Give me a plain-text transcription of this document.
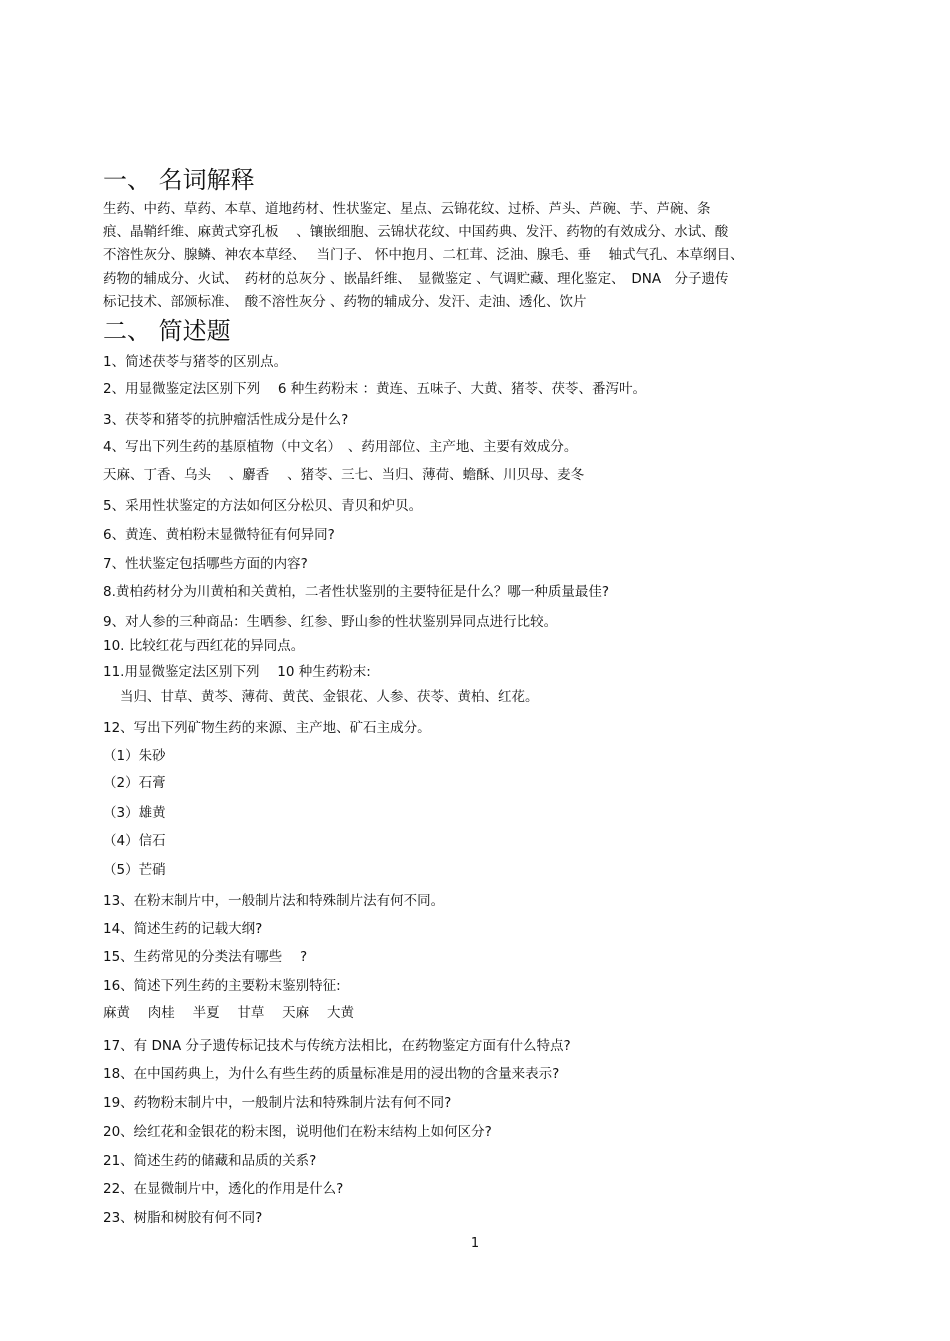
一、 名词解释
生药、中药、草药、本草、道地药材、性状鉴定、星点、云锦花纹、过桥、芦头、芦碗、芋、芦碗、条
痕、晶鞘纤维、麻黄式穿孔板　 、镶嵌细胞、云锦状花纹、中国药典、发汗、药物的有效成分、水试、酸
不溶性灰分、腺鳞、神农本草经、　 当门子、 怀中抱月、二杠茸、泛油、腺毛、垂　 轴式气孔、本草纲目、
药物的辅成分、火试、　药材的总灰分 、嵌晶纤维、　显微鉴定 、气调贮藏、理化鉴定、　DNA　分子遗传
标记技术、部颁标准、　酸不溶性灰分 、药物的辅成分、发汗、走油、透化、饮片
二、 简述题
1、简述茯苓与猪苓的区别点。
2、用显微鉴定法区别下列　 6 种生药粉末 ：黄连、五味子、大黄、猪苓、茯苓、番泻叶。
3、茯苓和猪苓的抗肿瘤活性成分是什么?
4、写出下列生药的基原植物（中文名）　、药用部位、主产地、主要有效成分。
天麻、丁香、乌头　 、麝香　 、猪苓、三七、当归、薄荷、蟾酥、川贝母、麦冬
5、采用性状鉴定的方法如何区分松贝、青贝和炉贝。
6、黄连、黄柏粉末显微特征有何异同?
7、性状鉴定包括哪些方面的内容?
8.黄柏药材分为川黄柏和关黄柏，二者性状鉴别的主要特征是什么？哪一种质量最佳?
9、对人参的三种商品：生晒参、红参、野山参的性状鉴别异同点进行比较。
10. 比较红花与西红花的异同点。
11.用显微鉴定法区别下列　 10 种生药粉末:
当归、甘草、黄芩、薄荷、黄芪、金银花、人参、茯苓、黄柏、红花。
12、写出下列矿物生药的来源、主产地、矿石主成分。
（1）朱砂
（2）石膏
（3）雄黄
（4）信石
（5）芒硝
13、在粉末制片中，一般制片法和特殊制片法有何不同。
14、简述生药的记载大纲?
15、生药常见的分类法有哪些　 ?
16、简述下列生药的主要粉末鉴别特征:
麻黄　 肉桂　 半夏　 甘草　 天麻　 大黄
17、有 DNA 分子遗传标记技术与传统方法相比，在药物鉴定方面有什么特点?
18、在中国药典上，为什么有些生药的质量标准是用的浸出物的含量来表示?
19、药物粉末制片中，一般制片法和特殊制片法有何不同?
20、绘红花和金银花的粉末图，说明他们在粉末结构上如何区分?
21、简述生药的储藏和品质的关系?
22、在显微制片中，透化的作用是什么?
23、树脂和树胶有何不同?
1
